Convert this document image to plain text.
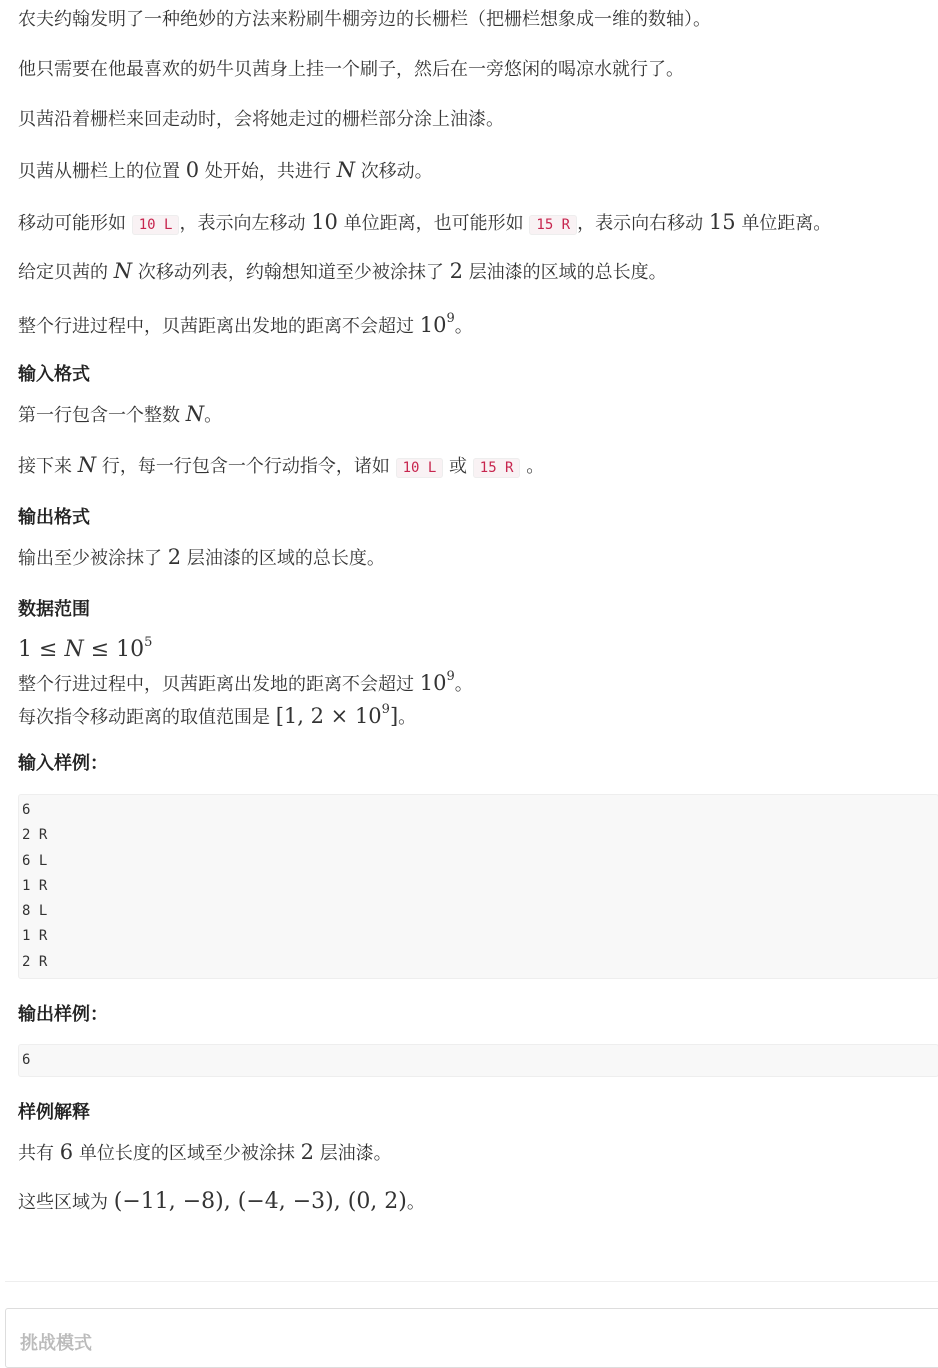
农夫约翰发明了一种绝妙的方法来粉刷牛棚旁边的长栅栏（把栅栏想象成一维的数轴）。

他只需要在他最喜欢的奶牛贝茜身上挂一个刷子，然后在一旁悠闲的喝凉水就行了。

贝茜沿着栅栏来回走动时，会将她走过的栅栏部分涂上油漆。

贝茜从栅栏上的位置 0 处开始，共进行 N 次移动。

移动可能形如 10 L ，表示向左移动 10 单位距离，也可能形如 15 R ，表示向右移动 15 单位距离。

给定贝茜的 N 次移动列表，约翰想知道至少被涂抹了 2 层油漆的区域的总长度。

整个行进过程中，贝茜距离出发地的距离不会超过 $10^9$。

输入格式

第一行包含一个整数 N。

接下来 N 行，每一行包含一个行动指令，诸如 10 L 或 15 R 。

输出格式

输出至少被涂抹了 2 层油漆的区域的总长度。

数据范围

$1 \le N \le 10^5$

整个行进过程中，贝茜距离出发地的距离不会超过 $10^9$。

每次指令移动距离的取值范围是 [1, $2 \times 10^9$]。

输入样例：
6
2 R
6 L
1 R
8 L
1 R
2 R
输出样例：
6
样例解释

共有 6 单位长度的区域至少被涂抹 2 层油漆。

这些区域为 (−11, −8), (−4, −3), (0, 2)。

挑战模式
